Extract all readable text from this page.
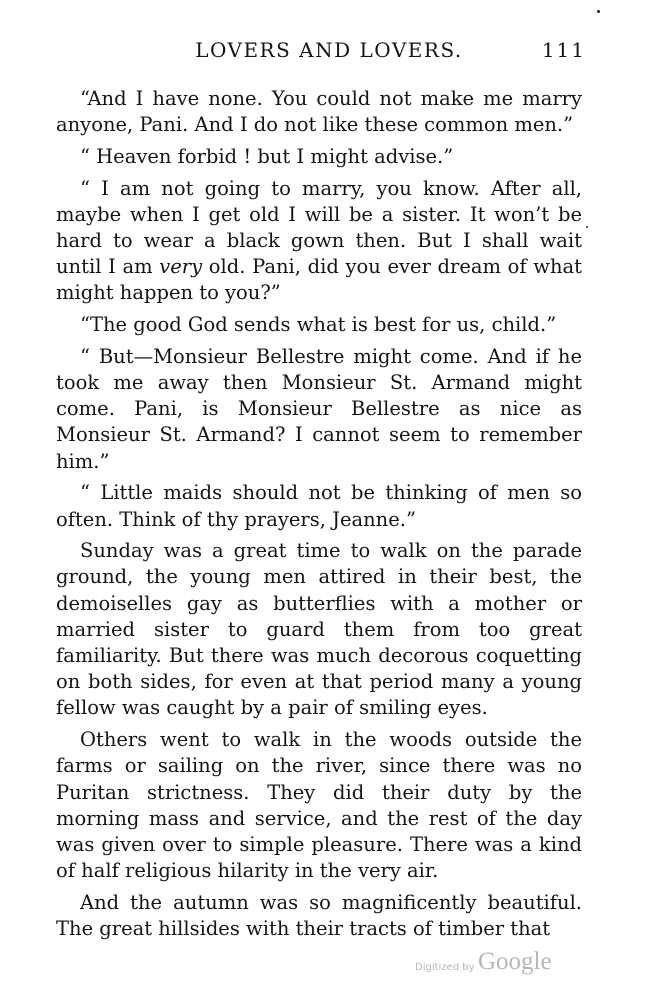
LOVERS AND LOVERS.	111

“And I have none. You could not make me marry anyone, Pani. And I do not like these common men.”

“ Heaven forbid ! but I might advise.”

“ I am not going to marry, you know. After all, maybe when I get old I will be a sister. It won’t be hard to wear a black gown then. But I shall wait until I am very old. Pani, did you ever dream of what might happen to you?”

“The good God sends what is best for us, child.”

“ But—Monsieur Bellestre might come. And if he took me away then Monsieur St. Armand might come. Pani, is Monsieur Bellestre as nice as Monsieur St. Armand? I cannot seem to remember him.”

“ Little maids should not be thinking of men so often. Think of thy prayers, Jeanne.”

Sunday was a great time to walk on the parade ground, the young men attired in their best, the demoiselles gay as butterflies with a mother or married sister to guard them from too great familiarity. But there was much decorous coquetting on both sides, for even at that period many a young fellow was caught by a pair of smiling eyes.

Others went to walk in the woods outside the farms or sailing on the river, since there was no Puritan strictness. They did their duty by the morning mass and service, and the rest of the day was given over to simple pleasure. There was a kind of half religious hilarity in the very air.

And the autumn was so magnificently beautiful. The great hillsides with their tracts of timber that

Digitized by Google
